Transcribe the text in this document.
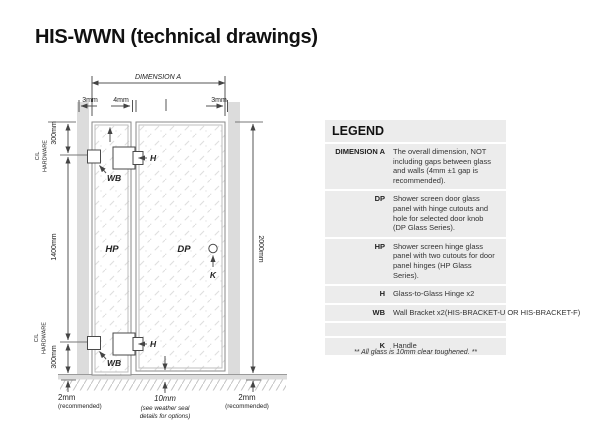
HIS-WWN (technical drawings)
DIMENSION A
3mm 4mm	3mm
300mm
C/L HARDWARE
1400mm
300mm
C/L HARDWARE
2000mm
2mm
(recommended)
10mm
(see weather seal
details for options)
2mm
(recommended)
WB
H
WB
H
HP	DP
K
LEGEND
DIMENSION A The overall dimension, NOT including gaps between glass and walls (4mm ±1 gap is recommended).
DP Shower screen door glass panel with hinge cutouts and hole for selected door knob (DP Glass Series).
HP Shower screen hinge glass panel with two cutouts for door panel hinges (HP Glass Series).
H Glass-to-Glass Hinge x2
WB Wall Bracket x2(HIS-BRACKET-U OR HIS-BRACKET-F)
K Handle
** All glass is 10mm clear toughened. **
